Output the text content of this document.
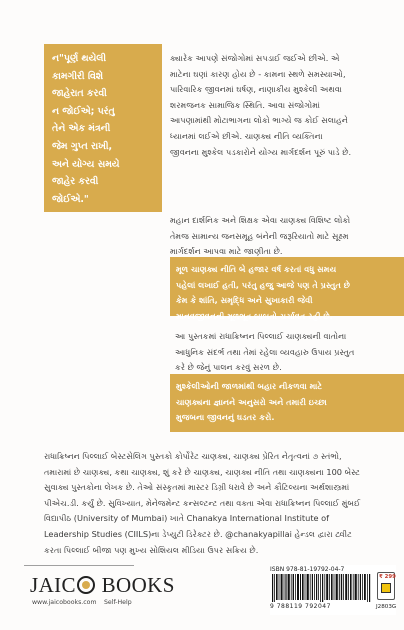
ન"પૂર્ણ થયેલી
કામગીરી વિશે
જાહેરાત કરવી
ન જોઈએ; પરંતુ
તેને એક મંત્રની
જેમ ગુપ્ત રાખી,
અને યોગ્ય સમયે
જાહેર કરવી
જોઈએ."
ક્યારેક આપણે સંજોગોમાં સપડાઈ જઈએ છીએ. એ
માટેના ઘણાં કારણ હોય છે - કામના સ્થળે સમસ્યાઓ,
પારિવારિક જીવનમાં ઘર્ષણ, નાણાકીય મુશ્કેલી અથવા
શરમજનક સામાજિક સ્થિતિ. આવા સંજોગોમાં
આપણામાંથી મોટાભાગના લોકો ભાગ્યે જ કોઈ સલાહને
ધ્યાનમાં લઈએ છીએ. ચાણક્ય નીતિ વ્યક્તિના
જીવનના મુશ્કેલ પડકારોને યોગ્ય માર્ગદર્શન પૂરું પાડે છે.
મહાન દાર્શનિક અને શિક્ષક એવા ચાણક્ય વિશિષ્ટ લોકો
તેમજ સામાન્ય જનસમૂહ બંનેની જરૂરિયાતો માટે સૂક્ષ્મ
માર્ગદર્શન આપવા માટે જાણીતા છે.
મૂળ ચાણક્ય નીતિ બે હજાર વર્ષ કરતાં વધુ સમય
પહેલાં લખાઈ હતી, પરંતુ હજુ આજે પણ તે પ્રસ્તુત છે
કેમ કે શાંતિ, સમૃદ્ધિ અને સુખાકારી જેવી
માનવજીવનની મૂળભૂત બાબતો ચર્ચાવત રહી છે.
આ પુસ્તકમાં રાધાક્રિષ્નન પિલ્લાઈ ચાણક્યની વાતોના
આધુનિક સંદર્ભ તથા તેમાં રહેલા વ્યવહારુ ઉપાય પ્રસ્તુત
કરે છે જેનું પાલન કરવું સરળ છે.
મુશ્કેલીઓની જાળમાંથી બહાર નીકળવા માટે
ચાણક્યના જ્ઞાનને અનુસરો અને તમારી ઇચ્છા
મુજબના જીવનનું ઘડતર કરો.
રાધાક્રિષ્નન પિલ્લાઈ બેસ્ટસેલિંગ પુસ્તકો કોર્પોરેટ ચાણક્ય, ચાણક્ય પ્રેરિત નેતૃત્વનાં ૭ સ્તંભો,
તમારામાં છે ચાણક્ય, કથા ચાણક્ય, શું કરે છે ચાણક્ય, ચાણક્ય નીતિ તથા ચાણક્યના 100 બેસ્ટ
સુવાક્ય પુસ્તકોના લેખક છે. તેઓ સંસ્કૃતમાં માસ્ટર ડિગ્રી ધરાવે છે અને કૌટિલ્યના અર્થશાસ્ત્રમાં
પીએચ.ડી. કર્યું છે. સુવિખ્યાત, મેનેજમેન્ટ કન્સલ્ટન્ટ તથા વક્તા એવા રાધાક્રિષ્નન પિલ્લાઈ મુંબઈ
વિદ્યાપીઠ (University of Mumbai) ખાતે Chanakya International Institute of
Leadership Studies (CIILS)ના ડેપ્યુટી ડિરેક્ટર છે. @chanakyapillai હેન્ડલ દ્વારા ટ્વીટ
કરતા પિલ્લાઈ બીજા પણ મુખ્ય સોશિયલ મીડિયા ઉપર સક્રિય છે.
JAIC BOOKS
www.jaicobooks.com Self-Help
ISBN 978-81-19792-04-7
9 788119 792047
₹ 299
J2803G
